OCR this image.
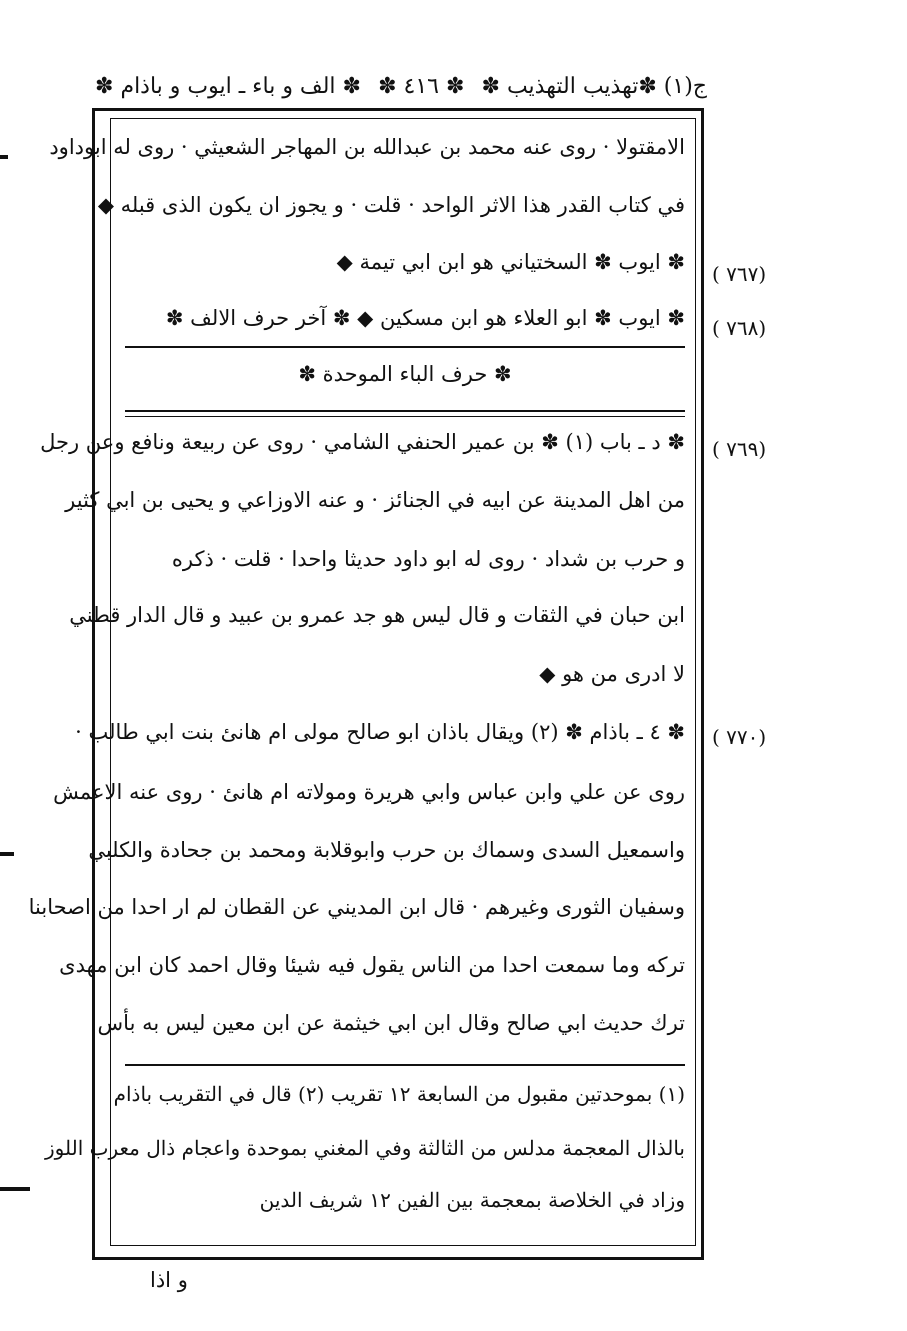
ج(١) ✽تهذيب التهذيب ✽
✽ ٤١٦ ✽
✽ الف و باء ـ ايوب و باذام ✽
الامقتولا · روى عنه محمد بن عبدالله بن المهاجر الشعيثي · روى له ابوداود
في كتاب القدر هذا الاثر الواحد · قلت · و يجوز ان يكون الذى قبله ◆
( ٧٦٧)
✽ ايوب ✽ السختياني هو ابن ابي تيمة ◆
( ٧٦٨)
✽ ايوب ✽ ابو العلاء هو ابن مسكين ◆ ✽ آخر حرف الالف ✽
✽ حرف الباء الموحدة ✽
( ٧٦٩)
✽ د ـ باب (١) ✽ بن عمير الحنفي الشامي · روى عن ربيعة ونافع وعن رجل
من اهل المدينة عن ابيه في الجنائز · و عنه الاوزاعي و يحيى بن ابي كثير
و حرب بن شداد · روى له ابو داود حديثا واحدا · قلت · ذكره
ابن حبان في الثقات و قال ليس هو جد عمرو بن عبيد و قال الدار قطني
لا ادرى من هو ◆
( ٧٧٠)
✽ ٤ ـ باذام ✽ (٢) ويقال باذان ابو صالح مولى ام هانئ بنت ابي طالب ·
روى عن علي وابن عباس وابي هريرة ومولاته ام هانئ · روى عنه الاعمش
واسمعيل السدى وسماك بن حرب وابوقلابة ومحمد بن جحادة والكلبي
وسفيان الثورى وغيرهم · قال ابن المديني عن القطان لم ار احدا من اصحابنا
تركه وما سمعت احدا من الناس يقول فيه شيئا وقال احمد كان ابن مهدى
ترك حديث ابي صالح وقال ابن ابي خيثمة عن ابن معين ليس به بأس
(١) بموحدتين مقبول من السابعة ١٢ تقريب (٢) قال في التقريب باذام
بالذال المعجمة مدلس من الثالثة وفي المغني بموحدة واعجام ذال معرب اللوز
وزاد في الخلاصة بمعجمة بين الفين ١٢ شريف الدين
و اذا
